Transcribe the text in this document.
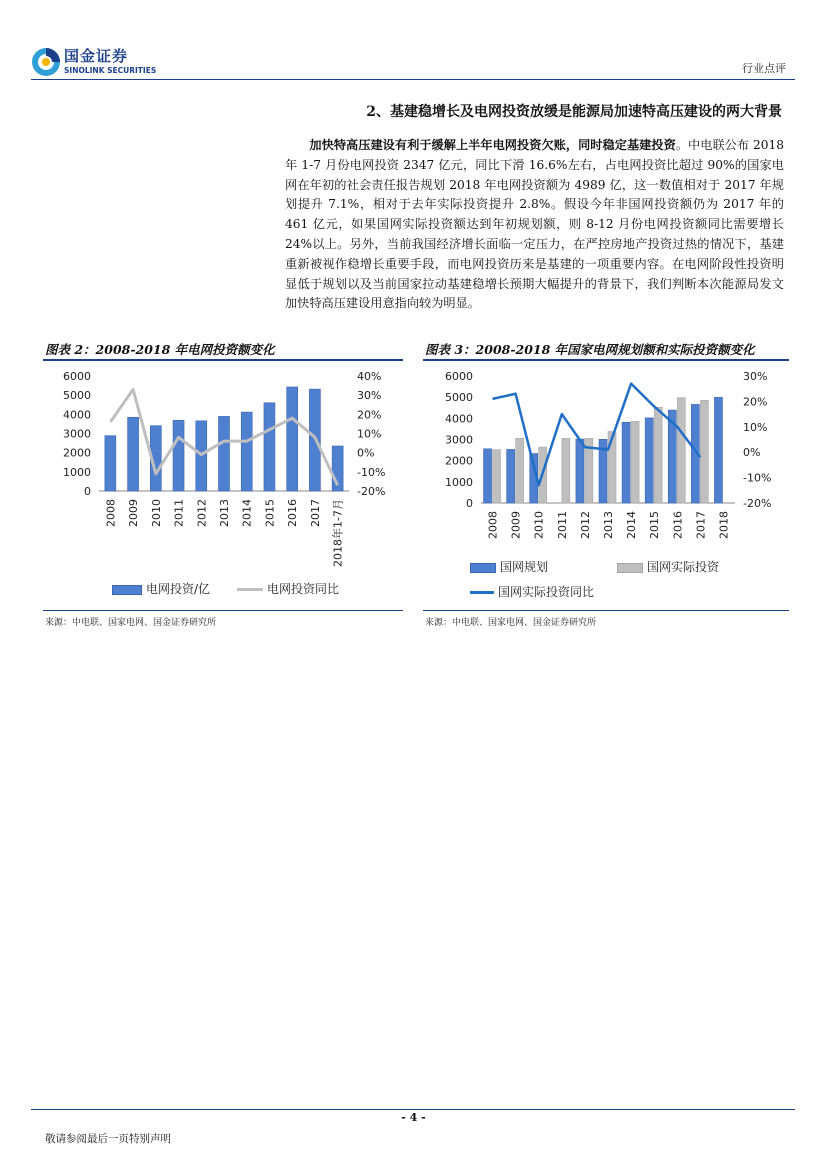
国金证券
SINOLINK SECURITIES	行业点评
2、基建稳增长及电网投资放缓是能源局加速特高压建设的两大背景
加快特高压建设有利于缓解上半年电网投资欠账，同时稳定基建投资。中电联公布 2018 年 1-7 月份电网投资 2347 亿元，同比下滑 16.6%左右，占电网投资比超过 90%的国家电网在年初的社会责任报告规划 2018 年电网投资额为 4989 亿，这一数值相对于 2017 年规划提升 7.1%，相对于去年实际投资提升 2.8%。假设今年非国网投资额仍为 2017 年的 461 亿元，如果国网实际投资额达到年初规划额，则 8-12 月份电网投资额同比需要增长 24%以上。另外，当前我国经济增长面临一定压力，在严控房地产投资过热的情况下，基建重新被视作稳增长重要手段，而电网投资历来是基建的一项重要内容。在电网阶段性投资明显低于规划以及当前国家拉动基建稳增长预期大幅提升的背景下，我们判断本次能源局发文加快特高压建设用意指向较为明显。
图表 2：2008-2018 年电网投资额变化
0
1000
2000
3000
4000
5000
6000
-20%
-10%
0%
10%
20%
30%
40%
2008 2009 2010 2011 2012 2013 2014 2015 2016 2017 2018年1-7月
电网投资/亿	电网投资同比
来源：中电联、国家电网、国金证券研究所
图表 3：2008-2018 年国家电网规划额和实际投资额变化
0
1000
2000
3000
4000
5000
6000
-20%
-10%
0%
10%
20%
30%
2008 2009 2010 2011 2012 2013 2014 2015 2016 2017 2018
国网规划	国网实际投资
国网实际投资同比
来源：中电联、国家电网、国金证券研究所
- 4 -
敬请参阅最后一页特别声明
